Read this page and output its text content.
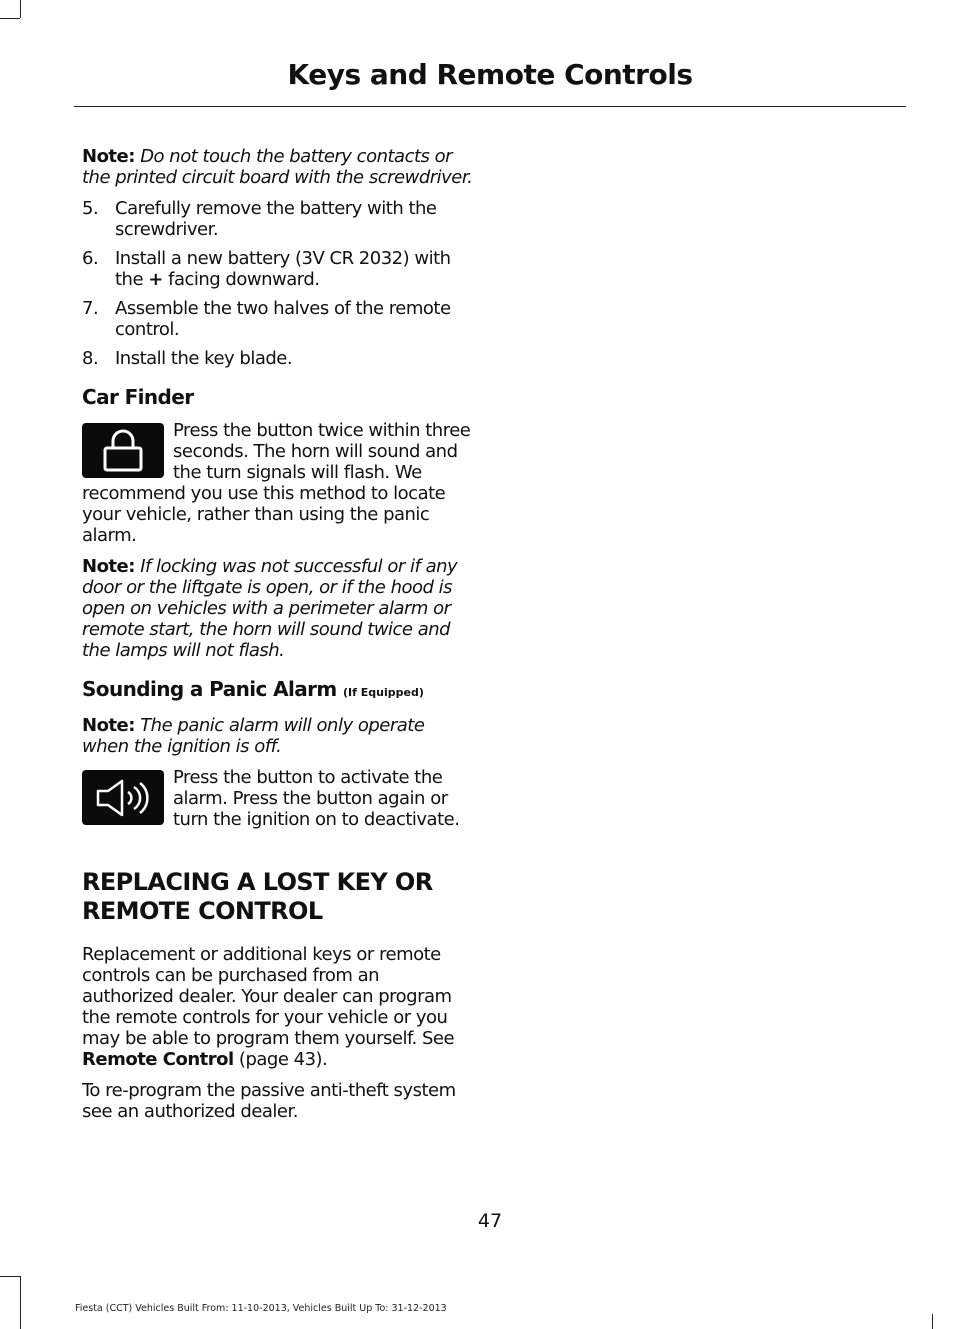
Keys and Remote Controls

Note: Do not touch the battery contacts or the printed circuit board with the screwdriver.

5. Carefully remove the battery with the screwdriver.
6. Install a new battery (3V CR 2032) with the + facing downward.
7. Assemble the two halves of the remote control.
8. Install the key blade.
Car Finder
Press the button twice within three seconds. The horn will sound and the turn signals will flash. We recommend you use this method to locate your vehicle, rather than using the panic alarm.

Note: If locking was not successful or if any door or the liftgate is open, or if the hood is open on vehicles with a perimeter alarm or remote start, the horn will sound twice and the lamps will not flash.

Sounding a Panic Alarm (If Equipped)

Note: The panic alarm will only operate when the ignition is off.

Press the button to activate the alarm. Press the button again or turn the ignition on to deactivate.
REPLACING A LOST KEY OR REMOTE CONTROL

Replacement or additional keys or remote controls can be purchased from an authorized dealer. Your dealer can program the remote controls for your vehicle or you may be able to program them yourself. See Remote Control (page 43).

To re-program the passive anti-theft system see an authorized dealer.

47
Fiesta (CCT) Vehicles Built From: 11-10-2013, Vehicles Built Up To: 31-12-2013
